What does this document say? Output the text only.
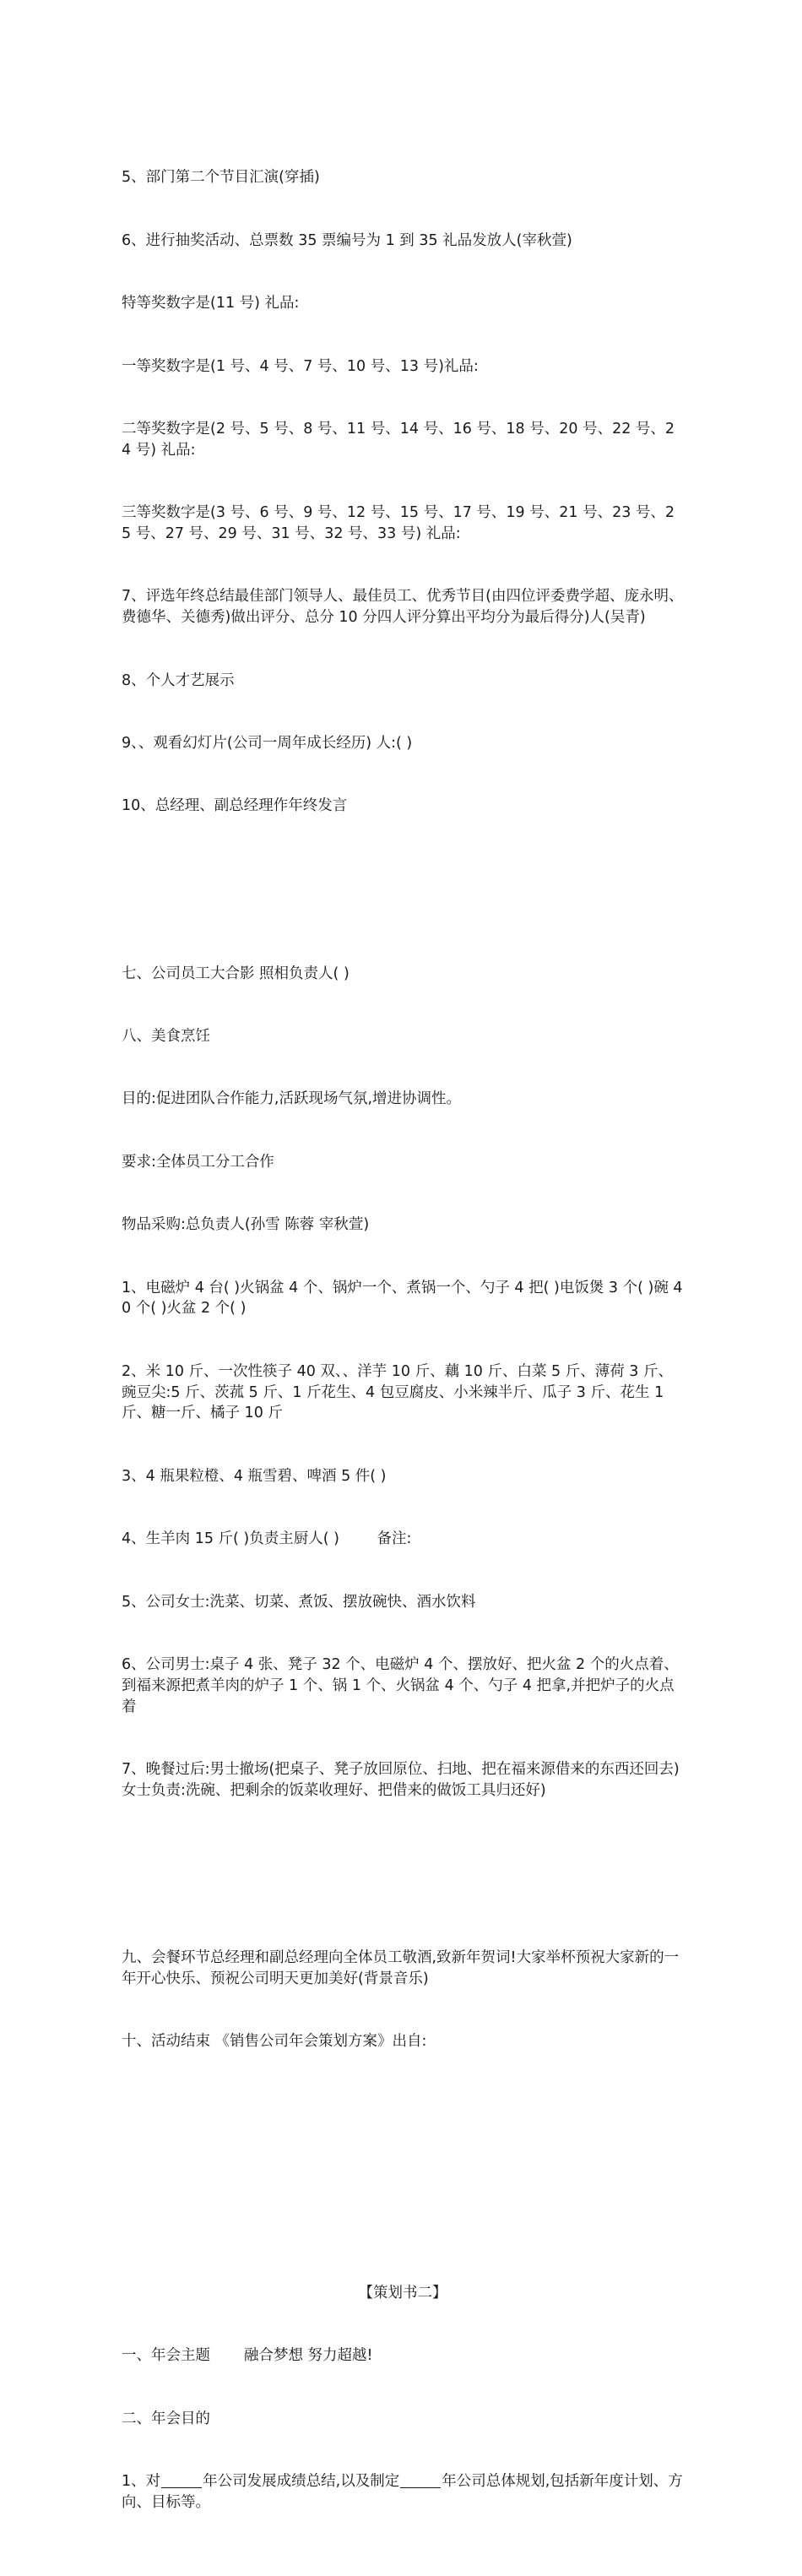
5、部门第二个节目汇演(穿插)

6、进行抽奖活动、总票数 35 票编号为 1 到 35 礼品发放人(宰秋萱)

特等奖数字是(11 号) 礼品:

一等奖数字是(1 号、4 号、7 号、10 号、13 号)礼品:

二等奖数字是(2 号、5 号、8 号、11 号、14 号、16 号、18 号、20 号、22 号、24 号) 礼品:

三等奖数字是(3 号、6 号、9 号、12 号、15 号、17 号、19 号、21 号、23 号、25 号、27 号、29 号、31 号、32 号、33 号) 礼品:

7、评选年终总结最佳部门领导人、最佳员工、优秀节目(由四位评委费学超、庞永明、费德华、关德秀)做出评分、总分 10 分四人评分算出平均分为最后得分)人(吴青)

8、个人才艺展示

9、、观看幻灯片(公司一周年成长经历) 人:( )

10、总经理、副总经理作年终发言

七、公司员工大合影 照相负责人( )

八、美食烹饪

目的:促进团队合作能力,活跃现场气氛,增进协调性。

要求:全体员工分工合作

物品采购:总负责人(孙雪 陈蓉 宰秋萱)

1、电磁炉 4 台( )火锅盆 4 个、锅炉一个、煮锅一个、勺子 4 把( )电饭煲 3 个( )碗 40 个( )火盆 2 个( )

2、米 10 斤、一次性筷子 40 双、、洋芋 10 斤、藕 10 斤、白菜 5 斤、薄荷 3 斤、豌豆尖:5 斤、茨菰 5 斤、1 斤花生、4 包豆腐皮、小米辣半斤、瓜子 3 斤、花生 1 斤、糖一斤、橘子 10 斤

3、4 瓶果粒橙、4 瓶雪碧、啤酒 5 件( )

4、生羊肉 15 斤( )负责主厨人( )        备注:

5、公司女士:洗菜、切菜、煮饭、摆放碗快、酒水饮料

6、公司男士:桌子 4 张、凳子 32 个、电磁炉 4 个、摆放好、把火盆 2 个的火点着、到福来源把煮羊肉的炉子 1 个、锅 1 个、火锅盆 4 个、勺子 4 把拿,并把炉子的火点着

7、晚餐过后:男士撤场(把桌子、凳子放回原位、扫地、把在福来源借来的东西还回去)女士负责:洗碗、把剩余的饭菜收理好、把借来的做饭工具归还好)

九、会餐环节总经理和副总经理向全体员工敬酒,致新年贺词!大家举杯预祝大家新的一年开心快乐、预祝公司明天更加美好(背景音乐)

十、活动结束 《销售公司年会策划方案》出自:

【策划书二】

一、年会主题 融合梦想 努力超越!

二、年会目的

1、对	年公司发展成绩总结,以及制定	年公司总体规划,包括新年度计划、方向、目标等。
